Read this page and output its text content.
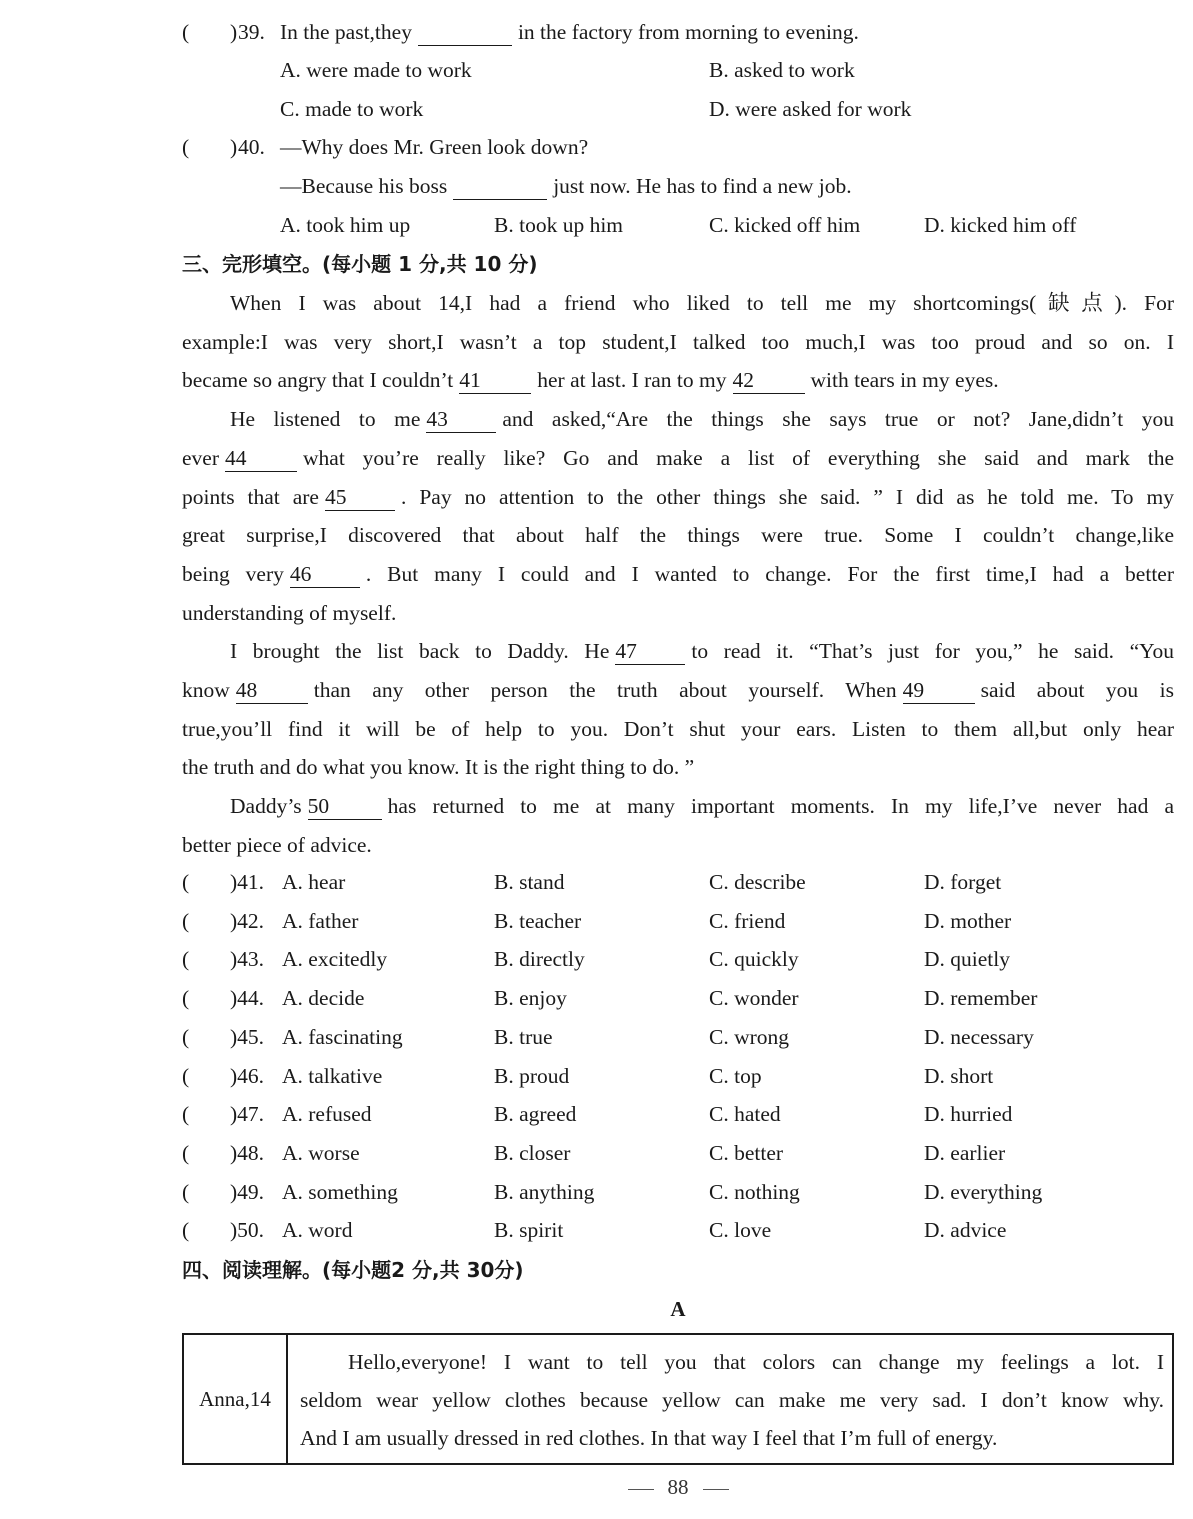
( ) 39. In the past,they	in the factory from morning to evening.
A. were made to work	B. asked to work
C. made to work	D. were asked for work
( ) 40. —Why does Mr. Green look down?
—Because his boss	just now. He has to find a new job.
A. took him up	B. took up him	C. kicked off him	D. kicked him off
三、完形填空。(每小题 1 分,共 10 分)
When I was about 14,I had a friend who liked to tell me my shortcomings(缺点). For
example:I was very short,I wasn’t a top student,I talked too much,I was too proud and so on. I
became so angry that I couldn’t 41	her at last. I ran to my 42	with tears in my eyes.
He listened to me 43	and asked,“Are the things she says true or not? Jane,didn’t you
ever 44	what you’re really like? Go and make a list of everything she said and mark the
points that are 45	. Pay no attention to the other things she said. ” I did as he told me. To my
great surprise,I discovered that about half the things were true. Some I couldn’t change,like
being very 46	. But many I could and I wanted to change. For the first time,I had a better
understanding of myself.
I brought the list back to Daddy. He 47	to read it. “That’s just for you,” he said. “You
know 48	than any other person the truth about yourself. When 49	said about you is
true,you’ll find it will be of help to you. Don’t shut your ears. Listen to them all,but only hear
the truth and do what you know. It is the right thing to do. ”
Daddy’s 50	has returned to me at many important moments. In my life,I’ve never had a
better piece of advice.
( )41. A. hear	B. stand	C. describe	D. forget
( )42. A. father	B. teacher	C. friend	D. mother
( )43. A. excitedly	B. directly	C. quickly	D. quietly
( )44. A. decide	B. enjoy	C. wonder	D. remember
( )45. A. fascinating	B. true	C. wrong	D. necessary
( )46. A. talkative	B. proud	C. top	D. short
( )47. A. refused	B. agreed	C. hated	D. hurried
( )48. A. worse	B. closer	C. better	D. earlier
( )49. A. something	B. anything	C. nothing	D. everything
( )50. A. word	B. spirit	C. love	D. advice
四、阅读理解。(每小题2 分,共 30分)
A
Anna,14	
Hello,everyone! I want to tell you that colors can change my feelings a lot. I
seldom wear yellow clothes because yellow can make me very sad. I don’t know why.
And I am usually dressed in red clothes. In that way I feel that I’m full of energy.
88
